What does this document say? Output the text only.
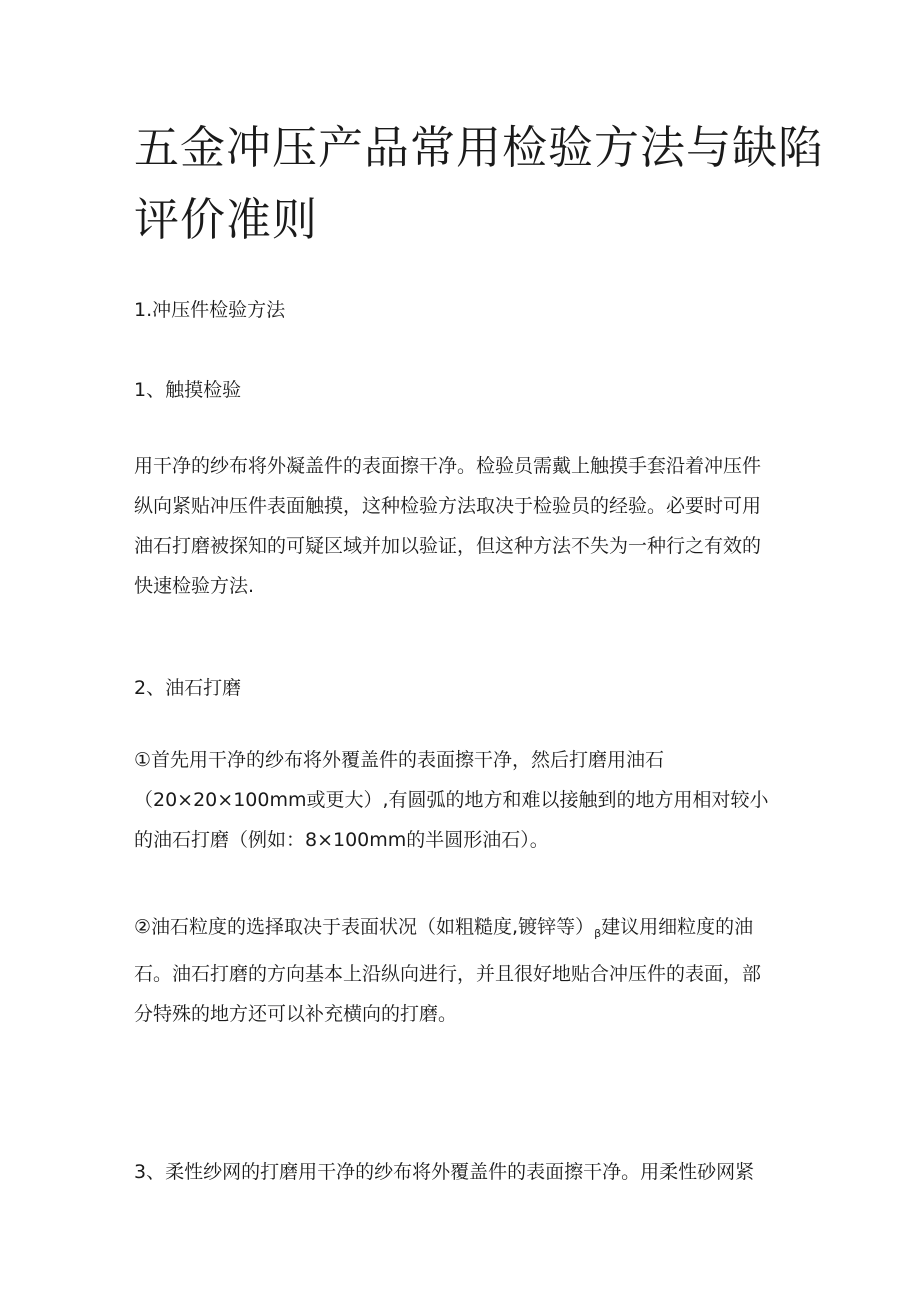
五金冲压产品常用检验方法与缺陷
评价准则

1.冲压件检验方法

1、触摸检验

用干净的纱布将外凝盖件的表面擦干净。检验员需戴上触摸手套沿着冲压件
纵向紧贴冲压件表面触摸，这种检验方法取决于检验员的经验。必要时可用
油石打磨被探知的可疑区域并加以验证，但这种方法不失为一种行之有效的
快速检验方法.

2、油石打磨

①首先用干净的纱布将外覆盖件的表面擦干净，然后打磨用油石
（20×20×100mm或更大）,有圆弧的地方和难以接触到的地方用相对较小
的油石打磨（例如：8×100mm的半圆形油石）。

②油石粒度的选择取决于表面状况（如粗糙度,镀锌等）$_\beta$建议用细粒度的油
石。油石打磨的方向基本上沿纵向进行，并且很好地贴合冲压件的表面，部
分特殊的地方还可以补充横向的打磨。

3、柔性纱网的打磨用干净的纱布将外覆盖件的表面擦干净。用柔性砂网紧
